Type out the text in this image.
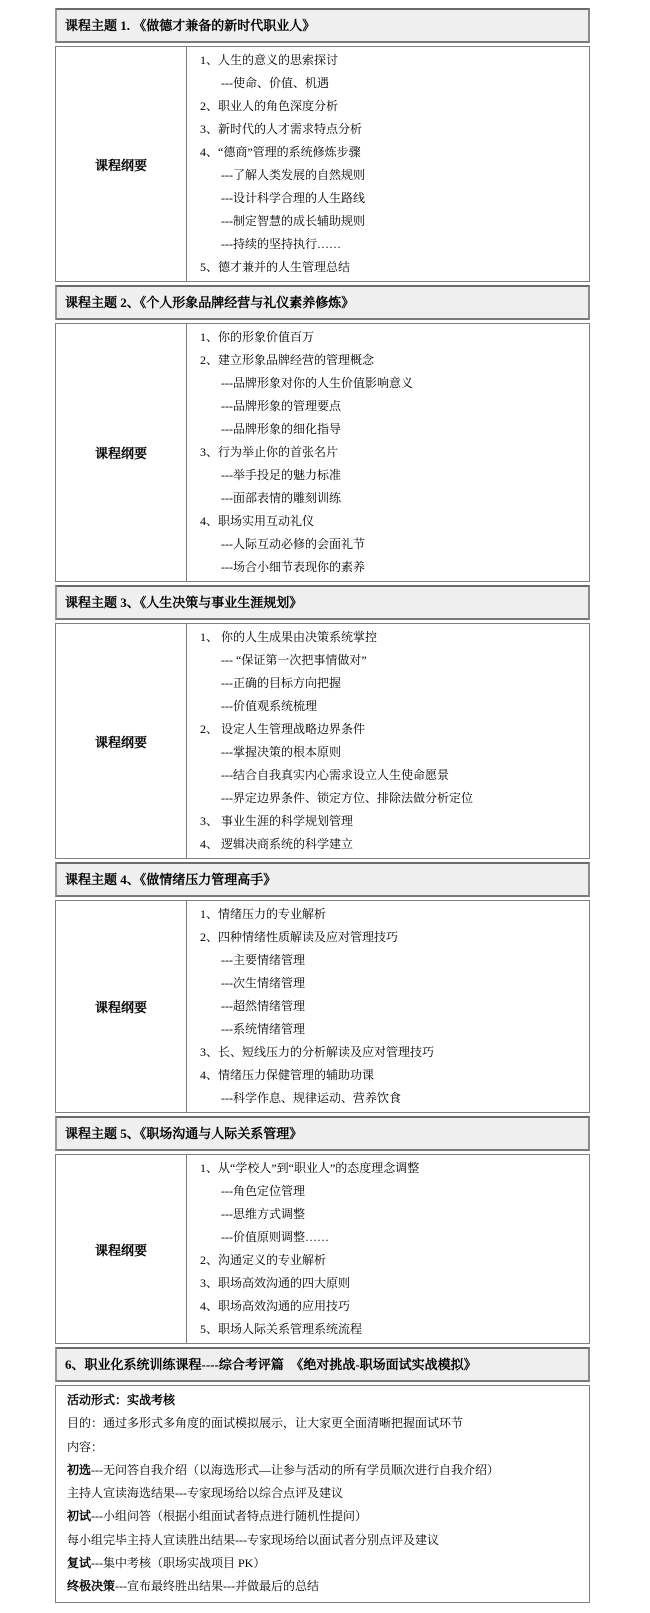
课程主题 1. 《做德才兼备的新时代职业人》
课程纲要
1、人生的意义的思索探讨
---使命、价值、机遇
2、职业人的角色深度分析
3、新时代的人才需求特点分析
4、“德商”管理的系统修炼步骤
---了解人类发展的自然规则
---设计科学合理的人生路线
---制定智慧的成长辅助规则
---持续的坚持执行……
5、德才兼并的人生管理总结
课程主题 2、《个人形象品牌经营与礼仪素养修炼》
课程纲要
1、你的形象价值百万
2、建立形象品牌经营的管理概念
---品牌形象对你的人生价值影响意义
---品牌形象的管理要点
---品牌形象的细化指导
3、行为举止你的首张名片
---举手投足的魅力标准
---面部表情的雕刻训练
4、职场实用互动礼仪
---人际互动必修的会面礼节
---场合小细节表现你的素养
课程主题 3、《人生决策与事业生涯规划》
课程纲要
1、 你的人生成果由决策系统掌控
--- “保证第一次把事情做对”
---正确的目标方向把握
---价值观系统梳理
2、 设定人生管理战略边界条件
---掌握决策的根本原则
---结合自我真实内心需求设立人生使命愿景
---界定边界条件、锁定方位、排除法做分析定位
3、 事业生涯的科学规划管理
4、 逻辑决商系统的科学建立
课程主题 4、《做情绪压力管理高手》
课程纲要
1、情绪压力的专业解析
2、四种情绪性质解读及应对管理技巧
---主要情绪管理
---次生情绪管理
---超然情绪管理
---系统情绪管理
3、长、短线压力的分析解读及应对管理技巧
4、情绪压力保健管理的辅助功课
---科学作息、规律运动、营养饮食
课程主题 5、《职场沟通与人际关系管理》
课程纲要
1、从“学校人”到“职业人”的态度理念调整
---角色定位管理
---思维方式调整
---价值原则调整……
2、沟通定义的专业解析
3、职场高效沟通的四大原则
4、职场高效沟通的应用技巧
5、职场人际关系管理系统流程
6、职业化系统训练课程----综合考评篇  《绝对挑战-职场面试实战模拟》
活动形式：实战考核
目的：通过多形式多角度的面试模拟展示，让大家更全面清晰把握面试环节
内容：
初选---无问答自我介绍（以海选形式—让参与活动的所有学员顺次进行自我介绍）
主持人宣读海选结果---专家现场给以综合点评及建议
初试---小组问答（根据小组面试者特点进行随机性提问）
每小组完毕主持人宣读胜出结果---专家现场给以面试者分别点评及建议
复试---集中考核（职场实战项目 PK）
终极决策---宣布最终胜出结果---并做最后的总结
